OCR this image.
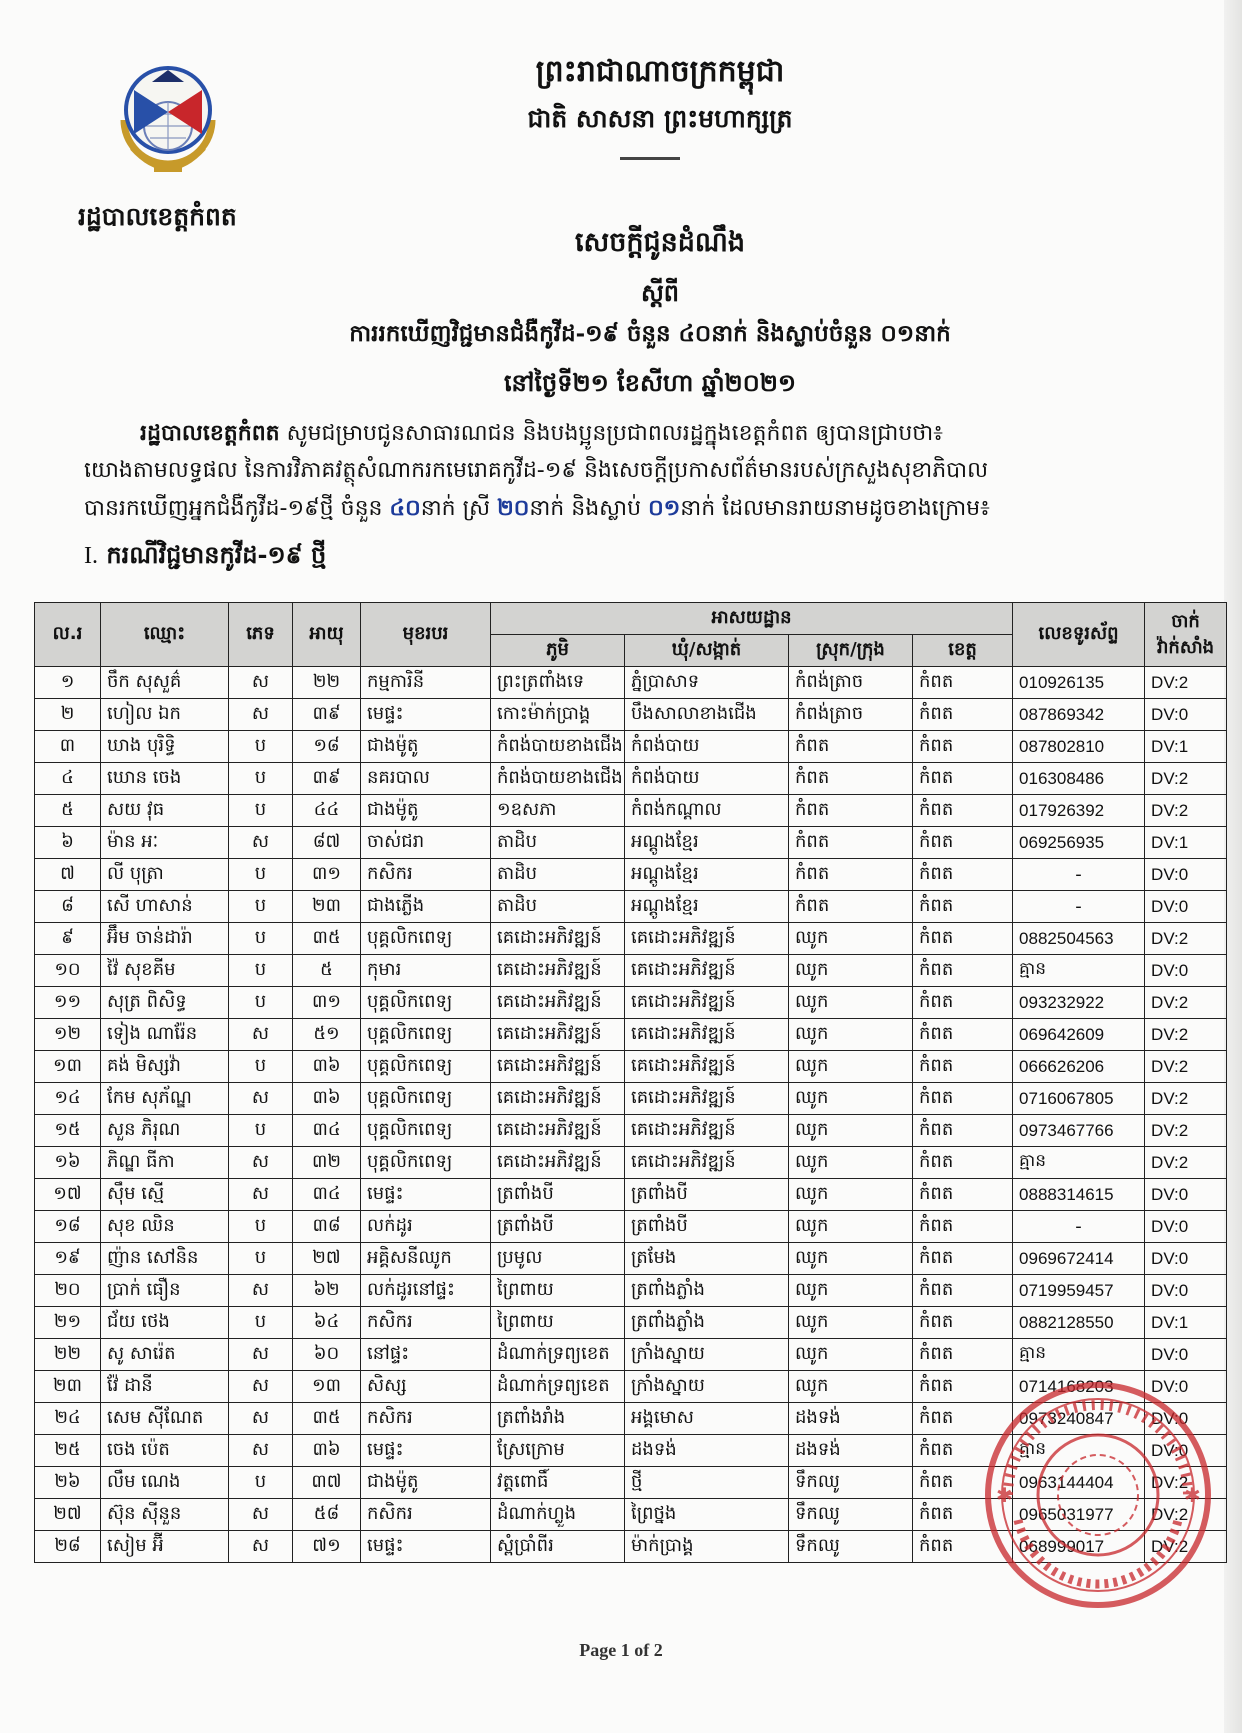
រដ្ឋបាលខេត្តកំពត
ព្រះរាជាណាចក្រកម្ពុជា
ជាតិ សាសនា ព្រះមហាក្សត្រ
សេចក្តីជូនដំណឹង
ស្តីពី
ការរកឃើញវិជ្ជមានជំងឺកូវីដ-១៩ ចំនួន ៤០នាក់ និងស្លាប់ចំនួន ០១នាក់
នៅថ្ងៃទី២១ ខែសីហា ឆ្នាំ២០២១
រដ្ឋបាលខេត្តកំពត សូមជម្រាបជូនសាធារណជន និងបងប្អូនប្រជាពលរដ្ឋក្នុងខេត្តកំពត ឲ្យបានជ្រាបថា៖
យោងតាមលទ្ធផល នៃការវិភាគវត្ថុសំណាករកមេរោគកូវីដ-១៩ និងសេចក្តីប្រកាសព័ត៌មានរបស់ក្រសួងសុខាភិបាល
បានរកឃើញអ្នកជំងឺកូវីដ-១៩ថ្មី ចំនួន ៤០នាក់ ស្រី ២០នាក់ និងស្លាប់ ០១នាក់ ដែលមានរាយនាមដូចខាងក្រោម៖
I. ករណីវិជ្ជមានកូវីដ-១៩ ថ្មី
ល.រ	ឈ្មោះ	ភេទ	អាយុ	មុខរបរ	អាសយដ្ឋាន				លេខទូរស័ព្ទ	ចាក់
វ៉ាក់សាំង
					ភូមិ	ឃុំ/សង្កាត់	ស្រុក/ក្រុង	ខេត្ត		
១	ចឹក សុសួគ៌	ស	២២	កម្មការិនី	ព្រះត្រពាំងទេ	ភ្នំប្រាសាទ	កំពង់ត្រាច	កំពត	010926135	DV:2
២	ហៀល ឯក	ស	៣៩	មេផ្ទះ	កោះម៉ាក់ប្រាង្គ	បឹងសាលាខាងជើង	កំពង់ត្រាច	កំពត	087869342	DV:0
៣	ឃាង បុរិទ្ធិ	ប	១៨	ជាងម៉ូតូ	កំពង់បាយខាងជើង	កំពង់បាយ	កំពត	កំពត	087802810	DV:1
៤	ឃោន ចេង	ប	៣៩	នគរបាល	កំពង់បាយខាងជើង	កំពង់បាយ	កំពត	កំពត	016308486	DV:2
៥	សយ វុធ	ប	៤៤	ជាងម៉ូតូ	១ឧសភា	កំពង់កណ្តាល	កំពត	កំពត	017926392	DV:2
៦	ម៉ាន អៈ	ស	៨៧	ចាស់ជរា	តាដិប	អណ្តូងខ្មែរ	កំពត	កំពត	069256935	DV:1
៧	លី បុត្រា	ប	៣១	កសិករ	តាដិប	អណ្តូងខ្មែរ	កំពត	កំពត	-	DV:0
៨	សើ ហាសាន់	ប	២៣	ជាងភ្លើង	តាដិប	អណ្តូងខ្មែរ	កំពត	កំពត	-	DV:0
៩	អ៊ឹម ចាន់ដារ៉ា	ប	៣៥	បុគ្គលិកពេទ្យ	គេដោះអភិវឌ្ឍន៍	គេដោះអភិវឌ្ឍន៍	ឈូក	កំពត	0882504563	DV:2
១០	វ៉ៃ សុខគីម	ប	៥	កុមារ	គេដោះអភិវឌ្ឍន៍	គេដោះអភិវឌ្ឍន៍	ឈូក	កំពត	គ្មាន	DV:0
១១	សុត្រ ពិសិទ្ធ	ប	៣១	បុគ្គលិកពេទ្យ	គេដោះអភិវឌ្ឍន៍	គេដោះអភិវឌ្ឍន៍	ឈូក	កំពត	093232922	DV:2
១២	ទៀង ណារ៉ែន	ស	៥១	បុគ្គលិកពេទ្យ	គេដោះអភិវឌ្ឍន៍	គេដោះអភិវឌ្ឍន៍	ឈូក	កំពត	069642609	DV:2
១៣	គង់ មិស្សវ៉ា	ប	៣៦	បុគ្គលិកពេទ្យ	គេដោះអភិវឌ្ឍន៍	គេដោះអភិវឌ្ឍន៍	ឈូក	កំពត	066626206	DV:2
១៤	កែម សុភ័ណ្ឌ	ស	៣៦	បុគ្គលិកពេទ្យ	គេដោះអភិវឌ្ឍន៍	គេដោះអភិវឌ្ឍន៍	ឈូក	កំពត	0716067805	DV:2
១៥	សួន ភិរុណ	ប	៣៤	បុគ្គលិកពេទ្យ	គេដោះអភិវឌ្ឍន៍	គេដោះអភិវឌ្ឍន៍	ឈូក	កំពត	0973467766	DV:2
១៦	ភិណ្ឌ ធីកា	ស	៣២	បុគ្គលិកពេទ្យ	គេដោះអភិវឌ្ឍន៍	គេដោះអភិវឌ្ឍន៍	ឈូក	កំពត	គ្មាន	DV:2
១៧	ស៊ឹម ស្មើ	ស	៣៤	មេផ្ទះ	ត្រពាំងបី	ត្រពាំងបី	ឈូក	កំពត	0888314615	DV:0
១៨	សុខ ឈិន	ប	៣៨	លក់ដូរ	ត្រពាំងបី	ត្រពាំងបី	ឈូក	កំពត	-	DV:0
១៩	ញ៉ាន សៅនិន	ប	២៧	អគ្គិសនីឈូក	ប្រមូល	ត្រមែង	ឈូក	កំពត	0969672414	DV:0
២០	ប្រាក់ ធឿន	ស	៦២	លក់ដូរនៅផ្ទះ	ព្រៃពាយ	ត្រពាំងភ្លាំង	ឈូក	កំពត	0719959457	DV:0
២១	ជ័យ ថេង	ប	៦៤	កសិករ	ព្រៃពាយ	ត្រពាំងភ្លាំង	ឈូក	កំពត	0882128550	DV:1
២២	សូ សារ៉េត	ស	៦០	នៅផ្ទះ	ដំណាក់ទ្រព្យខេត	ក្រាំងស្នាយ	ឈូក	កំពត	គ្មាន	DV:0
២៣	វ៉ែ ដានី	ស	១៣	សិស្ស	ដំណាក់ទ្រព្យខេត	ក្រាំងស្នាយ	ឈូក	កំពត	0714168203	DV:0
២៤	សេម ស៊ីណែត	ស	៣៥	កសិករ	ត្រពាំងរាំង	អង្គមោស	ដងទង់	កំពត	0973240847	DV:0
២៥	ចេង ប៉េត	ស	៣៦	មេផ្ទះ	ស្រែក្រោម	ដងទង់	ដងទង់	កំពត	គ្មាន	DV:0
២៦	លឹម ណេង	ប	៣៧	ជាងម៉ូតូ	វត្តពោធិ៍	ថ្មី	ទឹកឈូ	កំពត	0963144404	DV:2
២៧	ស៊ុន ស៊ីនួន	ស	៥៨	កសិករ	ដំណាក់ហ្លួង	ព្រៃថ្នង	ទឹកឈូ	កំពត	0965031977	DV:2
២៨	សៀម អ៊ី	ស	៧១	មេផ្ទះ	ស្ពំប្រាំពីរ	ម៉ាក់ប្រាង្គ	ទឹកឈូ	កំពត	068999017	DV:2
✱	✱
Page 1 of 2
